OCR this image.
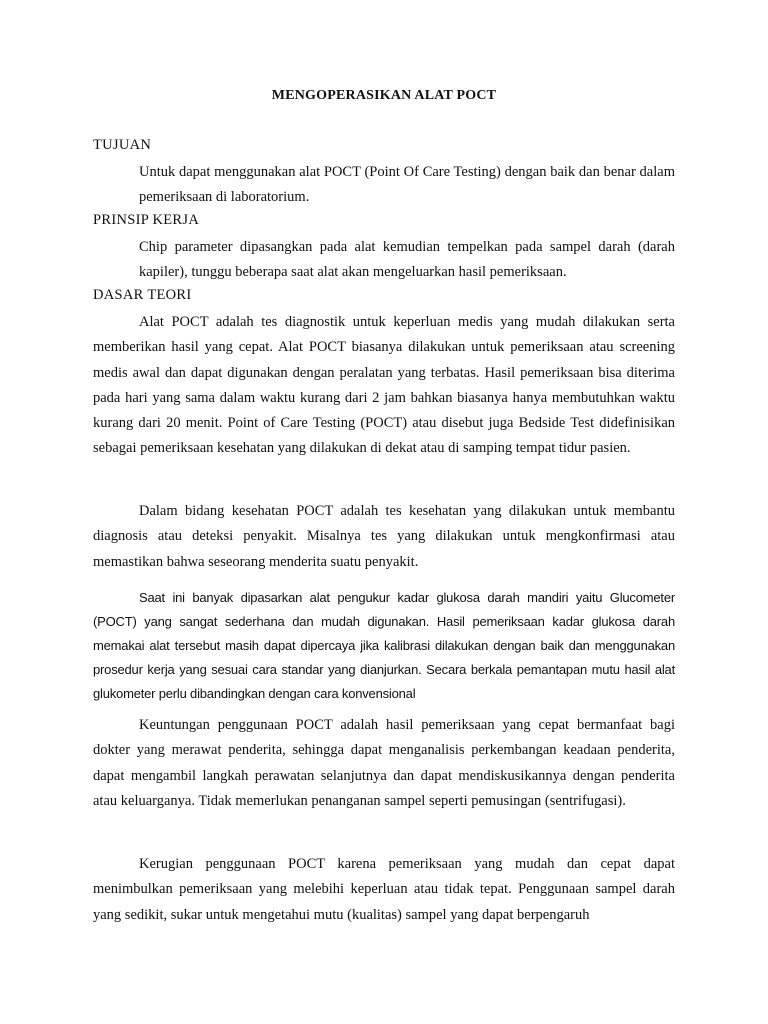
MENGOPERASIKAN ALAT POCT
TUJUAN
Untuk dapat menggunakan alat POCT (Point Of Care Testing) dengan baik dan benar dalam pemeriksaan di laboratorium.
PRINSIP KERJA
Chip parameter dipasangkan pada alat kemudian tempelkan pada sampel darah (darah kapiler), tunggu beberapa saat alat akan mengeluarkan hasil pemeriksaan.
DASAR TEORI
Alat POCT adalah tes diagnostik untuk keperluan medis yang mudah dilakukan serta memberikan hasil yang cepat. Alat POCT biasanya dilakukan untuk pemeriksaan atau screening medis awal dan dapat digunakan dengan peralatan yang terbatas. Hasil pemeriksaan bisa diterima pada hari yang sama dalam waktu kurang dari 2 jam bahkan biasanya hanya membutuhkan waktu kurang dari 20 menit. Point of Care Testing (POCT) atau disebut juga Bedside Test didefinisikan sebagai pemeriksaan kesehatan yang dilakukan di dekat atau di samping tempat tidur pasien.
Dalam bidang kesehatan POCT adalah tes kesehatan yang dilakukan untuk membantu diagnosis atau deteksi penyakit. Misalnya tes yang dilakukan untuk mengkonfirmasi atau memastikan bahwa seseorang menderita suatu penyakit.
Saat ini banyak dipasarkan alat pengukur kadar glukosa darah mandiri yaitu Glucometer (POCT) yang sangat sederhana dan mudah digunakan. Hasil pemeriksaan kadar glukosa darah memakai alat tersebut masih dapat dipercaya jika kalibrasi dilakukan dengan baik dan menggunakan prosedur kerja yang sesuai cara standar yang dianjurkan. Secara berkala pemantapan mutu hasil alat glukometer perlu dibandingkan dengan cara konvensional
Keuntungan penggunaan POCT adalah hasil pemeriksaan yang cepat bermanfaat bagi dokter yang merawat penderita, sehingga dapat menganalisis perkembangan keadaan penderita, dapat mengambil langkah perawatan selanjutnya dan dapat mendiskusikannya dengan penderita atau keluarganya. Tidak memerlukan penanganan sampel seperti pemusingan (sentrifugasi).
Kerugian penggunaan POCT karena pemeriksaan yang mudah dan cepat dapat menimbulkan pemeriksaan yang melebihi keperluan atau tidak tepat. Penggunaan sampel darah yang sedikit, sukar untuk mengetahui mutu (kualitas) sampel yang dapat berpengaruh
